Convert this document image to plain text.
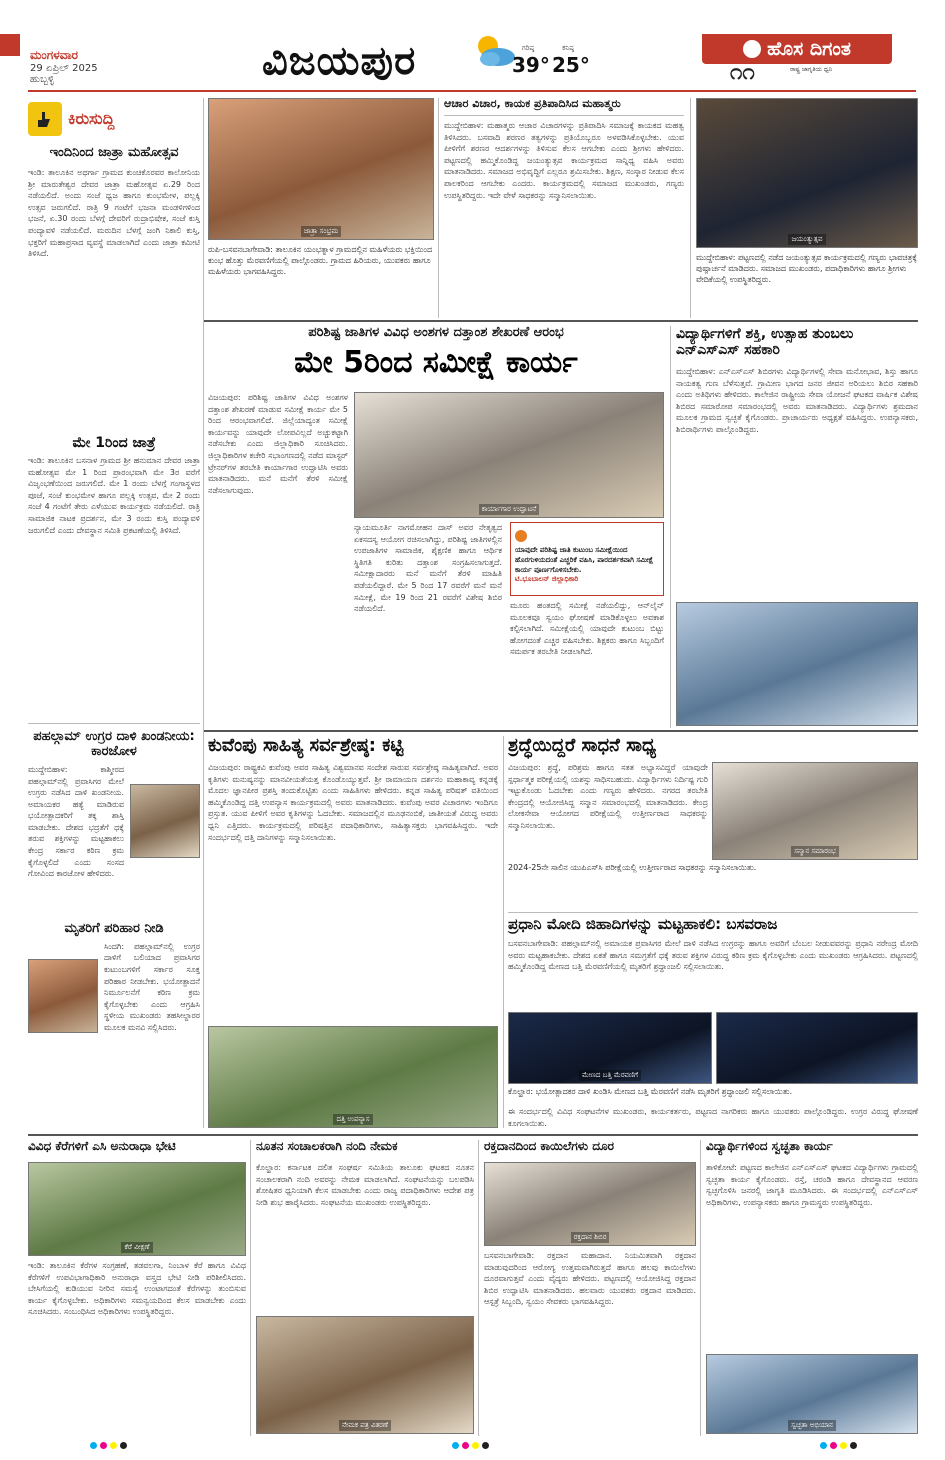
ಮಂಗಳವಾರ
29 ಏಪ್ರಿಲ್ 2025
ಹುಬ್ಬಳ್ಳಿ	ವಿಜಯಪುರ	ಗರಿಷ್ಠ
39°
ಕನಿಷ್ಠ
25°
ಹೊಸ ದಿಗಂತ
ರಾಷ್ಟ್ರ ಜಾಗೃತಿಯ ಧ್ವನಿ
೧೧
ಕಿರುಸುದ್ದಿ
ಇಂದಿನಿಂದ ಜಾತ್ರಾ ಮಹೋತ್ಸವ
ಇಂಡಿ: ತಾಲೂಕಿನ ಅಥರ್ಗಾ ಗ್ರಾಮದ ಕುಂಚಿಕೊರವರ ಕಾಲೋನಿಯ ಶ್ರೀ ಮಾರುತೇಶ್ವರ ದೇವರ ಜಾತ್ರಾ ಮಹೋತ್ಸವ ಏ.29 ರಿಂದ ನಡೆಯಲಿದೆ. ಅಂದು ಸಂಜೆ ಧ್ವಜ ಹಾಗೂ ಕುಂಭಮೇಳ, ಪಲ್ಲಕ್ಕಿ ಉತ್ಸವ ಜರುಗಲಿದೆ. ರಾತ್ರಿ 9 ಗಂಟೆಗೆ ಭಜನಾ ಮಂಡಳಿಗಳಿಂದ ಭಜನೆ, ಏ.30 ರಂದು ಬೆಳಗ್ಗೆ ದೇವರಿಗೆ ರುದ್ರಾಭಿಷೇಕ, ಸಂಜೆ ಕುಸ್ತಿ ಪಂದ್ಯಾವಳಿ ನಡೆಯಲಿದೆ. ಮರುದಿನ ಬೆಳಗ್ಗೆ ಜಂಗಿ ನಿಕಾಲಿ ಕುಸ್ತಿ, ಭಕ್ತರಿಗೆ ಮಹಾಪ್ರಸಾದ ವ್ಯವಸ್ಥೆ ಮಾಡಲಾಗಿದೆ ಎಂದು ಜಾತ್ರಾ ಕಮೀಟಿ ತಿಳಿಸಿದೆ.
ಮೇ 1ರಿಂದ ಜಾತ್ರೆ
ಇಂಡಿ: ತಾಲೂಕಿನ ಬಸನಾಳ ಗ್ರಾಮದ ಶ್ರೀ ಹನುಮಾನ ದೇವರ ಜಾತ್ರಾ ಮಹೋತ್ಸವ ಮೇ 1 ರಿಂದ ಪ್ರಾರಂಭವಾಗಿ ಮೇ 3ರ ವರೆಗೆ ವಿಜೃಂಭಣೆಯಿಂದ ಜರುಗಲಿದೆ. ಮೇ 1 ರಂದು ಬೆಳಗ್ಗೆ ಗಂಗಾಸ್ಥಳದ ಪೂಜೆ, ಸಂಜೆ ಕುಂಭಮೇಳ ಹಾಗೂ ಪಲ್ಲಕ್ಕಿ ಉತ್ಸವ, ಮೇ 2 ರಂದು ಸಂಜೆ 4 ಗಂಟೆಗೆ ತೇರು ಎಳೆಯುವ ಕಾರ್ಯಕ್ರಮ ನಡೆಯಲಿದೆ. ರಾತ್ರಿ ಸಾಮಾಜಿಕ ನಾಟಕ ಪ್ರದರ್ಶನ, ಮೇ 3 ರಂದು ಕುಸ್ತಿ ಪಂದ್ಯಾವಳಿ ಜರುಗಲಿದೆ ಎಂದು ದೇವಸ್ಥಾನ ಸಮಿತಿ ಪ್ರಕಟಣೆಯಲ್ಲಿ ತಿಳಿಸಿದೆ.
ಪಹಲ್ಗಾಮ್ ಉಗ್ರರ ದಾಳಿ ಖಂಡನೀಯ: ಕಾರಜೋಳ
ಮುದ್ದೇಬಿಹಾಳ: ಕಾಶ್ಮೀರದ ಪಹಲ್ಗಾಮ್‌ನಲ್ಲಿ ಪ್ರವಾಸಿಗರ ಮೇಲೆ ಉಗ್ರರು ನಡೆಸಿದ ದಾಳಿ ಖಂಡನೀಯ. ಅಮಾಯಕರ ಹತ್ಯೆ ಮಾಡಿರುವ ಭಯೋತ್ಪಾದಕರಿಗೆ ತಕ್ಕ ಶಾಸ್ತಿ ಮಾಡಬೇಕು. ದೇಶದ ಭದ್ರತೆಗೆ ಧಕ್ಕೆ ತರುವ ಶಕ್ತಿಗಳನ್ನು ಮಟ್ಟಹಾಕಲು ಕೇಂದ್ರ ಸರ್ಕಾರ ಕಠಿಣ ಕ್ರಮ ಕೈಗೊಳ್ಳಲಿದೆ ಎಂದು ಸಂಸದ ಗೋವಿಂದ ಕಾರಜೋಳ ಹೇಳಿದರು.
ಮೃತರಿಗೆ ಪರಿಹಾರ ನೀಡಿ
ಸಿಂದಗಿ: ಪಹಲ್ಗಾಮ್‌ನಲ್ಲಿ ಉಗ್ರರ ದಾಳಿಗೆ ಬಲಿಯಾದ ಪ್ರವಾಸಿಗರ ಕುಟುಂಬಗಳಿಗೆ ಸರ್ಕಾರ ಸೂಕ್ತ ಪರಿಹಾರ ನೀಡಬೇಕು. ಭಯೋತ್ಪಾದನೆ ನಿರ್ಮೂಲನೆಗೆ ಕಠಿಣ ಕ್ರಮ ಕೈಗೊಳ್ಳಬೇಕು ಎಂದು ಆಗ್ರಹಿಸಿ ಸ್ಥಳೀಯ ಮುಖಂಡರು ತಹಸೀಲ್ದಾರರ ಮೂಲಕ ಮನವಿ ಸಲ್ಲಿಸಿದರು.
ಜಾತ್ರಾ ಸಂಭ್ರಮ
ರುಪಿ-ಬಸವನಬಾಗೇವಾಡಿ: ತಾಲೂಕಿನ ಯಂಭತ್ನಾಳ ಗ್ರಾಮದಲ್ಲಿನ ಮಹಿಳೆಯರು ಭಕ್ತಿಯಿಂದ ಕುಂಭ ಹೊತ್ತು ಮೆರವಣಿಗೆಯಲ್ಲಿ ಪಾಲ್ಗೊಂಡರು. ಗ್ರಾಮದ ಹಿರಿಯರು, ಯುವಕರು ಹಾಗೂ ಮಹಿಳೆಯರು ಭಾಗವಹಿಸಿದ್ದರು.
ಆಚಾರ ವಿಚಾರ, ಕಾಯಕ ಪ್ರತಿಪಾದಿಸಿದ ಮಹಾತ್ಮರು
ಮುದ್ದೇಬಿಹಾಳ: ಮಹಾತ್ಮರು ಆಚಾರ ವಿಚಾರಗಳನ್ನು ಪ್ರತಿಪಾದಿಸಿ ಸಮಾಜಕ್ಕೆ ಕಾಯಕದ ಮಹತ್ವ ತಿಳಿಸಿದರು. ಬಸವಾದಿ ಶರಣರ ತತ್ವಗಳನ್ನು ಪ್ರತಿಯೊಬ್ಬರೂ ಅಳವಡಿಸಿಕೊಳ್ಳಬೇಕು. ಯುವ ಪೀಳಿಗೆಗೆ ಶರಣರ ಆದರ್ಶಗಳನ್ನು ತಿಳಿಸುವ ಕೆಲಸ ಆಗಬೇಕು ಎಂದು ಶ್ರೀಗಳು ಹೇಳಿದರು. ಪಟ್ಟಣದಲ್ಲಿ ಹಮ್ಮಿಕೊಂಡಿದ್ದ ಜಯಂತ್ಯುತ್ಸವ ಕಾರ್ಯಕ್ರಮದ ಸಾನ್ನಿಧ್ಯ ವಹಿಸಿ ಅವರು ಮಾತನಾಡಿದರು. ಸಮಾಜದ ಅಭಿವೃದ್ಧಿಗೆ ಎಲ್ಲರೂ ಶ್ರಮಿಸಬೇಕು. ಶಿಕ್ಷಣ, ಸಂಸ್ಕಾರ ನೀಡುವ ಕೆಲಸ ಪಾಲಕರಿಂದ ಆಗಬೇಕು ಎಂದರು. ಕಾರ್ಯಕ್ರಮದಲ್ಲಿ ಸಮಾಜದ ಮುಖಂಡರು, ಗಣ್ಯರು ಉಪಸ್ಥಿತರಿದ್ದರು. ಇದೇ ವೇಳೆ ಸಾಧಕರನ್ನು ಸನ್ಮಾನಿಸಲಾಯಿತು.
ಜಯಂತ್ಯುತ್ಸವ
ಮುದ್ದೇಬಿಹಾಳ: ಪಟ್ಟಣದಲ್ಲಿ ನಡೆದ ಜಯಂತ್ಯುತ್ಸವ ಕಾರ್ಯಕ್ರಮದಲ್ಲಿ ಗಣ್ಯರು ಭಾವಚಿತ್ರಕ್ಕೆ ಪುಷ್ಪಾರ್ಚನೆ ಮಾಡಿದರು. ಸಮಾಜದ ಮುಖಂಡರು, ಪದಾಧಿಕಾರಿಗಳು ಹಾಗೂ ಶ್ರೀಗಳು ವೇದಿಕೆಯಲ್ಲಿ ಉಪಸ್ಥಿತರಿದ್ದರು.
ಪರಿಶಿಷ್ಟ ಜಾತಿಗಳ ವಿವಿಧ ಅಂಶಗಳ ದತ್ತಾಂಶ ಶೇಖರಣೆ ಆರಂಭ
ಮೇ 5ರಿಂದ ಸಮೀಕ್ಷೆ ಕಾರ್ಯ
ವಿಜಯಪುರ: ಪರಿಶಿಷ್ಟ ಜಾತಿಗಳ ವಿವಿಧ ಅಂಶಗಳ ದತ್ತಾಂಶ ಶೇಖರಣೆ ಮಾಡುವ ಸಮೀಕ್ಷೆ ಕಾರ್ಯ ಮೇ 5 ರಿಂದ ಆರಂಭವಾಗಲಿದೆ. ಜಿಲ್ಲೆಯಾದ್ಯಂತ ಸಮೀಕ್ಷೆ ಕಾರ್ಯವನ್ನು ಯಾವುದೇ ಲೋಪವಿಲ್ಲದೆ ಅಚ್ಚುಕಟ್ಟಾಗಿ ನಡೆಸಬೇಕು ಎಂದು ಜಿಲ್ಲಾಧಿಕಾರಿ ಸೂಚಿಸಿದರು. ಜಿಲ್ಲಾಧಿಕಾರಿಗಳ ಕಚೇರಿ ಸಭಾಂಗಣದಲ್ಲಿ ನಡೆದ ಮಾಸ್ಟರ್ ಟ್ರೇನರ್‌ಗಳ ತರಬೇತಿ ಕಾರ್ಯಾಗಾರ ಉದ್ಘಾಟಿಸಿ ಅವರು ಮಾತನಾಡಿದರು. ಮನೆ ಮನೆಗೆ ತೆರಳಿ ಸಮೀಕ್ಷೆ ನಡೆಸಲಾಗುವುದು.
ಕಾರ್ಯಾಗಾರ ಉದ್ಘಾಟನೆ
ನ್ಯಾಯಮೂರ್ತಿ ನಾಗಮೋಹನ ದಾಸ್ ಅವರ ನೇತೃತ್ವದ ಏಕಸದಸ್ಯ ಆಯೋಗ ರಚಿಸಲಾಗಿದ್ದು, ಪರಿಶಿಷ್ಟ ಜಾತಿಗಳಲ್ಲಿನ ಉಪಜಾತಿಗಳ ಸಾಮಾಜಿಕ, ಶೈಕ್ಷಣಿಕ ಹಾಗೂ ಆರ್ಥಿಕ ಸ್ಥಿತಿಗತಿ ಕುರಿತು ದತ್ತಾಂಶ ಸಂಗ್ರಹಿಸಲಾಗುತ್ತದೆ. ಸಮೀಕ್ಷಾದಾರರು ಮನೆ ಮನೆಗೆ ತೆರಳಿ ಮಾಹಿತಿ ಪಡೆಯಲಿದ್ದಾರೆ. ಮೇ 5 ರಿಂದ 17 ರವರೆಗೆ ಮನೆ ಮನೆ ಸಮೀಕ್ಷೆ, ಮೇ 19 ರಿಂದ 21 ರವರೆಗೆ ವಿಶೇಷ ಶಿಬಿರ ನಡೆಯಲಿದೆ.
ಯಾವುದೇ ಪರಿಶಿಷ್ಟ ಜಾತಿ ಕುಟುಂಬ ಸಮೀಕ್ಷೆಯಿಂದ
ಹೊರಗುಳಿಯದಂತೆ ಎಚ್ಚರಿಕೆ ವಹಿಸಿ, ಪಾರದರ್ಶಕವಾಗಿ ಸಮೀಕ್ಷೆ
ಕಾರ್ಯ ಪೂರ್ಣಗೊಳಿಸಬೇಕು.
ಟಿ.ಭೂಬಾಲನ್ ಜಿಲ್ಲಾಧಿಕಾರಿ
ಮೂರು ಹಂತದಲ್ಲಿ ಸಮೀಕ್ಷೆ ನಡೆಯಲಿದ್ದು, ಆನ್‌ಲೈನ್ ಮೂಲಕವೂ ಸ್ವಯಂ ಘೋಷಣೆ ಮಾಡಿಕೊಳ್ಳಲು ಅವಕಾಶ ಕಲ್ಪಿಸಲಾಗಿದೆ. ಸಮೀಕ್ಷೆಯಲ್ಲಿ ಯಾವುದೇ ಕುಟುಂಬ ಬಿಟ್ಟು ಹೋಗದಂತೆ ಎಚ್ಚರ ವಹಿಸಬೇಕು. ಶಿಕ್ಷಕರು ಹಾಗೂ ಸಿಬ್ಬಂದಿಗೆ ಸಮರ್ಪಕ ತರಬೇತಿ ನೀಡಲಾಗಿದೆ.
ವಿದ್ಯಾರ್ಥಿಗಳಿಗೆ ಶಕ್ತಿ, ಉತ್ಸಾಹ ತುಂಬಲು ಎನ್‌ಎಸ್‌ಎಸ್ ಸಹಕಾರಿ
ಮುದ್ದೇಬಿಹಾಳ: ಎನ್‌ಎಸ್‌ಎಸ್ ಶಿಬಿರಗಳು ವಿದ್ಯಾರ್ಥಿಗಳಲ್ಲಿ ಸೇವಾ ಮನೋಭಾವ, ಶಿಸ್ತು ಹಾಗೂ ನಾಯಕತ್ವ ಗುಣ ಬೆಳೆಸುತ್ತವೆ. ಗ್ರಾಮೀಣ ಭಾಗದ ಜನರ ಜೀವನ ಅರಿಯಲು ಶಿಬಿರ ಸಹಕಾರಿ ಎಂದು ಅತಿಥಿಗಳು ಹೇಳಿದರು. ಕಾಲೇಜಿನ ರಾಷ್ಟ್ರೀಯ ಸೇವಾ ಯೋಜನೆ ಘಟಕದ ವಾರ್ಷಿಕ ವಿಶೇಷ ಶಿಬಿರದ ಸಮಾರೋಪ ಸಮಾರಂಭದಲ್ಲಿ ಅವರು ಮಾತನಾಡಿದರು. ವಿದ್ಯಾರ್ಥಿಗಳು ಶ್ರಮದಾನ ಮೂಲಕ ಗ್ರಾಮದ ಸ್ವಚ್ಛತೆ ಕೈಗೊಂಡರು. ಪ್ರಾಚಾರ್ಯರು ಅಧ್ಯಕ್ಷತೆ ವಹಿಸಿದ್ದರು. ಉಪನ್ಯಾಸಕರು, ಶಿಬಿರಾರ್ಥಿಗಳು ಪಾಲ್ಗೊಂಡಿದ್ದರು.
ಕುವೆಂಪು ಸಾಹಿತ್ಯ ಸರ್ವಶ್ರೇಷ್ಠ: ಕಟ್ಟಿ
ವಿಜಯಪುರ: ರಾಷ್ಟ್ರಕವಿ ಕುವೆಂಪು ಅವರ ಸಾಹಿತ್ಯ ವಿಶ್ವಮಾನವ ಸಂದೇಶ ಸಾರುವ ಸರ್ವಶ್ರೇಷ್ಠ ಸಾಹಿತ್ಯವಾಗಿದೆ. ಅವರ ಕೃತಿಗಳು ಮನುಷ್ಯನನ್ನು ಮಾನವೀಯತೆಯತ್ತ ಕೊಂಡೊಯ್ಯುತ್ತವೆ. ಶ್ರೀ ರಾಮಾಯಣ ದರ್ಶನಂ ಮಹಾಕಾವ್ಯ ಕನ್ನಡಕ್ಕೆ ಮೊದಲ ಜ್ಞಾನಪೀಠ ಪ್ರಶಸ್ತಿ ತಂದುಕೊಟ್ಟಿತು ಎಂದು ಸಾಹಿತಿಗಳು ಹೇಳಿದರು. ಕನ್ನಡ ಸಾಹಿತ್ಯ ಪರಿಷತ್ ವತಿಯಿಂದ ಹಮ್ಮಿಕೊಂಡಿದ್ದ ದತ್ತಿ ಉಪನ್ಯಾಸ ಕಾರ್ಯಕ್ರಮದಲ್ಲಿ ಅವರು ಮಾತನಾಡಿದರು. ಕುವೆಂಪು ಅವರ ವಿಚಾರಗಳು ಇಂದಿಗೂ ಪ್ರಸ್ತುತ. ಯುವ ಪೀಳಿಗೆ ಅವರ ಕೃತಿಗಳನ್ನು ಓದಬೇಕು. ಸಮಾಜದಲ್ಲಿನ ಮೂಢನಂಬಿಕೆ, ಜಾತೀಯತೆ ವಿರುದ್ಧ ಅವರು ಧ್ವನಿ ಎತ್ತಿದರು. ಕಾರ್ಯಕ್ರಮದಲ್ಲಿ ಪರಿಷತ್ತಿನ ಪದಾಧಿಕಾರಿಗಳು, ಸಾಹಿತ್ಯಾಸಕ್ತರು ಭಾಗವಹಿಸಿದ್ದರು. ಇದೇ ಸಂದರ್ಭದಲ್ಲಿ ದತ್ತಿ ದಾನಿಗಳನ್ನು ಸನ್ಮಾನಿಸಲಾಯಿತು.
ದತ್ತಿ ಉಪನ್ಯಾಸ
ಶ್ರದ್ಧೆಯಿದ್ದರೆ ಸಾಧನೆ ಸಾಧ್ಯ
ವಿಜಯಪುರ: ಶ್ರದ್ಧೆ, ಪರಿಶ್ರಮ ಹಾಗೂ ಸತತ ಅಭ್ಯಾಸವಿದ್ದರೆ ಯಾವುದೇ ಸ್ಪರ್ಧಾತ್ಮಕ ಪರೀಕ್ಷೆಯಲ್ಲಿ ಯಶಸ್ಸು ಸಾಧಿಸಬಹುದು. ವಿದ್ಯಾರ್ಥಿಗಳು ನಿರ್ದಿಷ್ಟ ಗುರಿ ಇಟ್ಟುಕೊಂಡು ಓದಬೇಕು ಎಂದು ಗಣ್ಯರು ಹೇಳಿದರು. ನಗರದ ತರಬೇತಿ ಕೇಂದ್ರದಲ್ಲಿ ಆಯೋಜಿಸಿದ್ದ ಸನ್ಮಾನ ಸಮಾರಂಭದಲ್ಲಿ ಮಾತನಾಡಿದರು. ಕೇಂದ್ರ ಲೋಕಸೇವಾ ಆಯೋಗದ ಪರೀಕ್ಷೆಯಲ್ಲಿ ಉತ್ತೀರ್ಣರಾದ ಸಾಧಕರನ್ನು ಸನ್ಮಾನಿಸಲಾಯಿತು.
ಸನ್ಮಾನ ಸಮಾರಂಭ
2024-25ನೇ ಸಾಲಿನ ಯುಪಿಎಸ್‌ಸಿ ಪರೀಕ್ಷೆಯಲ್ಲಿ ಉತ್ತೀರ್ಣರಾದ ಸಾಧಕರನ್ನು ಸನ್ಮಾನಿಸಲಾಯಿತು.
ಪ್ರಧಾನಿ ಮೋದಿ ಜಿಹಾದಿಗಳನ್ನು ಮಟ್ಟಹಾಕಲಿ: ಬಸವರಾಜ
ಬಸವನಬಾಗೇವಾಡಿ: ಪಹಲ್ಗಾಮ್‌ನಲ್ಲಿ ಅಮಾಯಕ ಪ್ರವಾಸಿಗರ ಮೇಲೆ ದಾಳಿ ನಡೆಸಿದ ಉಗ್ರರನ್ನು ಹಾಗೂ ಅವರಿಗೆ ಬೆಂಬಲ ನೀಡುವವರನ್ನು ಪ್ರಧಾನಿ ನರೇಂದ್ರ ಮೋದಿ ಅವರು ಮಟ್ಟಹಾಕಬೇಕು. ದೇಶದ ಏಕತೆ ಹಾಗೂ ಸಮಗ್ರತೆಗೆ ಧಕ್ಕೆ ತರುವ ಶಕ್ತಿಗಳ ವಿರುದ್ಧ ಕಠಿಣ ಕ್ರಮ ಕೈಗೊಳ್ಳಬೇಕು ಎಂದು ಮುಖಂಡರು ಆಗ್ರಹಿಸಿದರು. ಪಟ್ಟಣದಲ್ಲಿ ಹಮ್ಮಿಕೊಂಡಿದ್ದ ಮೇಣದ ಬತ್ತಿ ಮೆರವಣಿಗೆಯಲ್ಲಿ ಮೃತರಿಗೆ ಶ್ರದ್ಧಾಂಜಲಿ ಸಲ್ಲಿಸಲಾಯಿತು.
ಮೇಣದ ಬತ್ತಿ ಮೆರವಣಿಗೆ
ಕೊಲ್ಹಾರ: ಭಯೋತ್ಪಾದಕರ ದಾಳಿ ಖಂಡಿಸಿ ಮೇಣದ ಬತ್ತಿ ಮೆರವಣಿಗೆ ನಡೆಸಿ ಮೃತರಿಗೆ ಶ್ರದ್ಧಾಂಜಲಿ ಸಲ್ಲಿಸಲಾಯಿತು.
ಈ ಸಂದರ್ಭದಲ್ಲಿ ವಿವಿಧ ಸಂಘಟನೆಗಳ ಮುಖಂಡರು, ಕಾರ್ಯಕರ್ತರು, ಪಟ್ಟಣದ ನಾಗರಿಕರು ಹಾಗೂ ಯುವಕರು ಪಾಲ್ಗೊಂಡಿದ್ದರು. ಉಗ್ರರ ವಿರುದ್ಧ ಘೋಷಣೆ ಕೂಗಲಾಯಿತು.
ವಿವಿಧ ಕೆರೆಗಳಿಗೆ ಎಸಿ ಅನುರಾಧಾ ಭೇಟಿ
ಕೆರೆ ವೀಕ್ಷಣೆ
ಇಂಡಿ: ತಾಲೂಕಿನ ಕೆರೆಗಳ ಸಂಗ್ರಹಣೆ, ತಡವಲಗಾ, ನಿಂಬಾಳ ಕೆರೆ ಹಾಗೂ ವಿವಿಧ ಕೆರೆಗಳಿಗೆ ಉಪವಿಭಾಗಾಧಿಕಾರಿ ಅನುರಾಧಾ ವಸ್ತ್ರದ ಭೇಟಿ ನೀಡಿ ಪರಿಶೀಲಿಸಿದರು. ಬೇಸಿಗೆಯಲ್ಲಿ ಕುಡಿಯುವ ನೀರಿನ ಸಮಸ್ಯೆ ಉಂಟಾಗದಂತೆ ಕೆರೆಗಳನ್ನು ತುಂಬಿಸುವ ಕಾರ್ಯ ಕೈಗೊಳ್ಳಬೇಕು. ಅಧಿಕಾರಿಗಳು ಸಮನ್ವಯದಿಂದ ಕೆಲಸ ಮಾಡಬೇಕು ಎಂದು ಸೂಚಿಸಿದರು. ಸಂಬಂಧಿಸಿದ ಅಧಿಕಾರಿಗಳು ಉಪಸ್ಥಿತರಿದ್ದರು.
ನೂತನ ಸಂಚಾಲಕರಾಗಿ ನಂದಿ ನೇಮಕ
ಕೊಲ್ಹಾರ: ಕರ್ನಾಟಕ ದಲಿತ ಸಂಘರ್ಷ ಸಮಿತಿಯ ತಾಲೂಕು ಘಟಕದ ನೂತನ ಸಂಚಾಲಕರಾಗಿ ನಂದಿ ಅವರನ್ನು ನೇಮಕ ಮಾಡಲಾಗಿದೆ. ಸಂಘಟನೆಯನ್ನು ಬಲಪಡಿಸಿ ಶೋಷಿತರ ಧ್ವನಿಯಾಗಿ ಕೆಲಸ ಮಾಡಬೇಕು ಎಂದು ರಾಜ್ಯ ಪದಾಧಿಕಾರಿಗಳು ಆದೇಶ ಪತ್ರ ನೀಡಿ ಶುಭ ಹಾರೈಸಿದರು. ಸಂಘಟನೆಯ ಮುಖಂಡರು ಉಪಸ್ಥಿತರಿದ್ದರು.
ನೇಮಕ ಪತ್ರ ವಿತರಣೆ
ರಕ್ತದಾನದಿಂದ ಕಾಯಿಲೆಗಳು ದೂರ
ರಕ್ತದಾನ ಶಿಬಿರ
ಬಸವನಬಾಗೇವಾಡಿ: ರಕ್ತದಾನ ಮಹಾದಾನ. ನಿಯಮಿತವಾಗಿ ರಕ್ತದಾನ ಮಾಡುವುದರಿಂದ ಆರೋಗ್ಯ ಉತ್ತಮವಾಗಿರುತ್ತದೆ ಹಾಗೂ ಹಲವು ಕಾಯಿಲೆಗಳು ದೂರವಾಗುತ್ತವೆ ಎಂದು ವೈದ್ಯರು ಹೇಳಿದರು. ಪಟ್ಟಣದಲ್ಲಿ ಆಯೋಜಿಸಿದ್ದ ರಕ್ತದಾನ ಶಿಬಿರ ಉದ್ಘಾಟಿಸಿ ಮಾತನಾಡಿದರು. ಹಲವಾರು ಯುವಕರು ರಕ್ತದಾನ ಮಾಡಿದರು. ಆಸ್ಪತ್ರೆ ಸಿಬ್ಬಂದಿ, ಸ್ವಯಂ ಸೇವಕರು ಭಾಗವಹಿಸಿದ್ದರು.
ವಿದ್ಯಾರ್ಥಿಗಳಿಂದ ಸ್ವಚ್ಛತಾ ಕಾರ್ಯ
ತಾಳಿಕೋಟೆ: ಪಟ್ಟಣದ ಕಾಲೇಜಿನ ಎನ್‌ಎಸ್‌ಎಸ್ ಘಟಕದ ವಿದ್ಯಾರ್ಥಿಗಳು ಗ್ರಾಮದಲ್ಲಿ ಸ್ವಚ್ಛತಾ ಕಾರ್ಯ ಕೈಗೊಂಡರು. ರಸ್ತೆ, ಚರಂಡಿ ಹಾಗೂ ದೇವಸ್ಥಾನದ ಆವರಣ ಸ್ವಚ್ಛಗೊಳಿಸಿ ಜನರಲ್ಲಿ ಜಾಗೃತಿ ಮೂಡಿಸಿದರು. ಈ ಸಂದರ್ಭದಲ್ಲಿ ಎನ್‌ಎಸ್‌ಎಸ್ ಅಧಿಕಾರಿಗಳು, ಉಪನ್ಯಾಸಕರು ಹಾಗೂ ಗ್ರಾಮಸ್ಥರು ಉಪಸ್ಥಿತರಿದ್ದರು.
ಸ್ವಚ್ಛತಾ ಅಭಿಯಾನ
